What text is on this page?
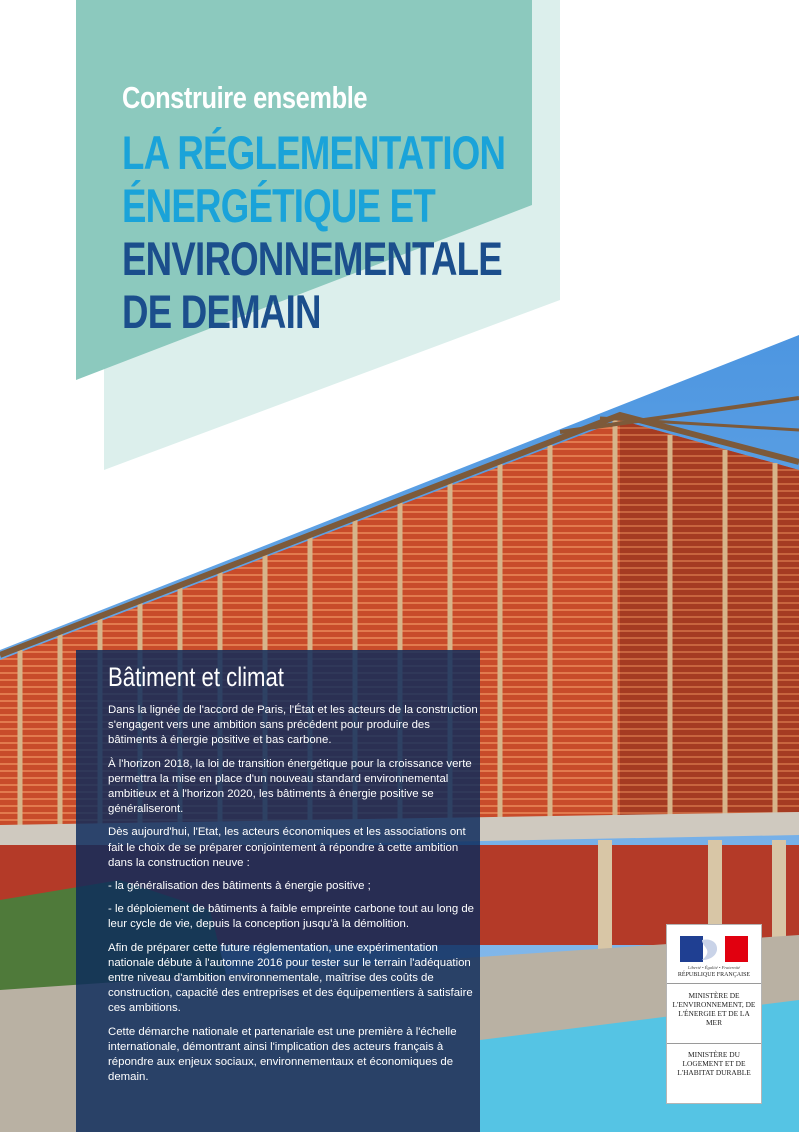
Construire ensemble
LA RÉGLEMENTATION
ÉNERGÉTIQUE ET
ENVIRONNEMENTALE
DE DEMAIN
Bâtiment et climat

Dans la lignée de l'accord de Paris, l'État et les acteurs de la construction s'engagent vers une ambition sans précédent pour produire des bâtiments à énergie positive et bas carbone.

À l'horizon 2018, la loi de transition énergétique pour la croissance verte permettra la mise en place d'un nouveau standard environnemental ambitieux et à l'horizon 2020, les bâtiments à énergie positive se généraliseront.

Dès aujourd'hui, l'Etat, les acteurs économiques et les associations ont fait le choix de se préparer conjointement à répondre à cette ambition dans la construction neuve :

- la généralisation des bâtiments à énergie positive ;

- le déploiement de bâtiments à faible empreinte carbone tout au long de leur cycle de vie, depuis la conception jusqu'à la démolition.

Afin de préparer cette future réglementation, une expérimentation nationale débute à l'automne 2016 pour tester sur le terrain l'adéquation entre niveau d'ambition environnementale, maîtrise des coûts de construction, capacité des entreprises et des équipementiers à satisfaire ces ambitions.

Cette démarche nationale et partenariale est une première à l'échelle internationale, démontrant ainsi l'implication des acteurs français à répondre aux enjeux sociaux, environnementaux et économiques de demain.

Liberté • Égalité • Fraternité
RÉPUBLIQUE FRANÇAISE
MINISTÈRE DE L'ENVIRONNEMENT, DE L'ÉNERGIE ET DE LA MER
MINISTÈRE DU LOGEMENT ET DE L'HABITAT DURABLE
